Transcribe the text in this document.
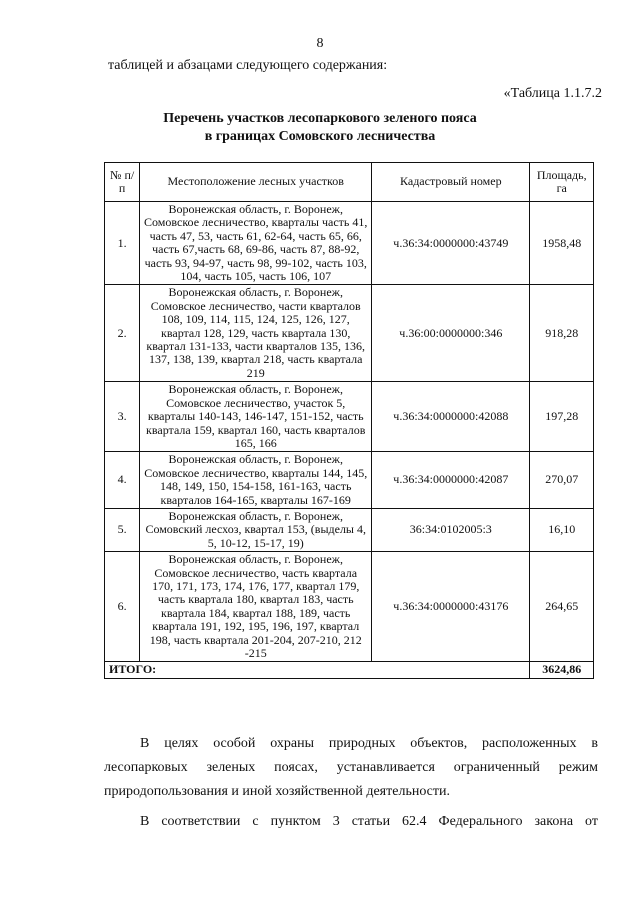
8
таблицей и абзацами следующего содержания:
«Таблица 1.1.7.2
Перечень участков лесопаркового зеленого пояса
в границах Сомовского лесничества
№ п/п	Местоположение лесных участков	Кадастровый номер	Площадь, га
1.	Воронежская область, г. Воронеж, Сомовское лесничество, кварталы часть 41, часть 47, 53, часть 61, 62-64, часть 65, 66, часть 67,часть 68, 69-86, часть 87, 88-92, часть 93, 94-97, часть 98, 99-102, часть 103, 104, часть 105, часть 106, 107	ч.36:34:0000000:43749	1958,48
2.	Воронежская область, г. Воронеж, Сомовское лесничество, части кварталов 108, 109, 114, 115, 124, 125, 126, 127, квартал 128, 129, часть квартала 130, квартал 131-133, части кварталов 135, 136, 137, 138, 139, квартал 218, часть квартала 219	ч.36:00:0000000:346	918,28
3.	Воронежская область, г. Воронеж, Сомовское лесничество, участок 5, кварталы 140-143, 146-147, 151-152, часть квартала 159, квартал 160, часть кварталов 165, 166	ч.36:34:0000000:42088	197,28
4.	Воронежская область, г. Воронеж, Сомовское лесничество, кварталы 144, 145, 148, 149, 150, 154-158, 161-163, часть кварталов 164-165, кварталы 167-169	ч.36:34:0000000:42087	270,07
5.	Воронежская область, г. Воронеж, Сомовский лесхоз, квартал 153, (выделы 4, 5, 10-12, 15-17, 19)	36:34:0102005:3	16,10
6.	Воронежская область, г. Воронеж, Сомовское лесничество, часть квартала 170, 171, 173, 174, 176, 177, квартал 179, часть квартала 180, квартал 183, часть квартала 184, квартал 188, 189, часть квартала 191, 192, 195, 196, 197, квартал 198, часть квартала 201-204, 207-210, 212 -215	ч.36:34:0000000:43176	264,65
ИТОГО:			3624,86
В целях особой охраны природных объектов, расположенных в
лесопарковых зеленых поясах, устанавливается ограниченный режим
природопользования и иной хозяйственной деятельности.
В соответствии с пунктом 3 статьи 62.4 Федерального закона от
